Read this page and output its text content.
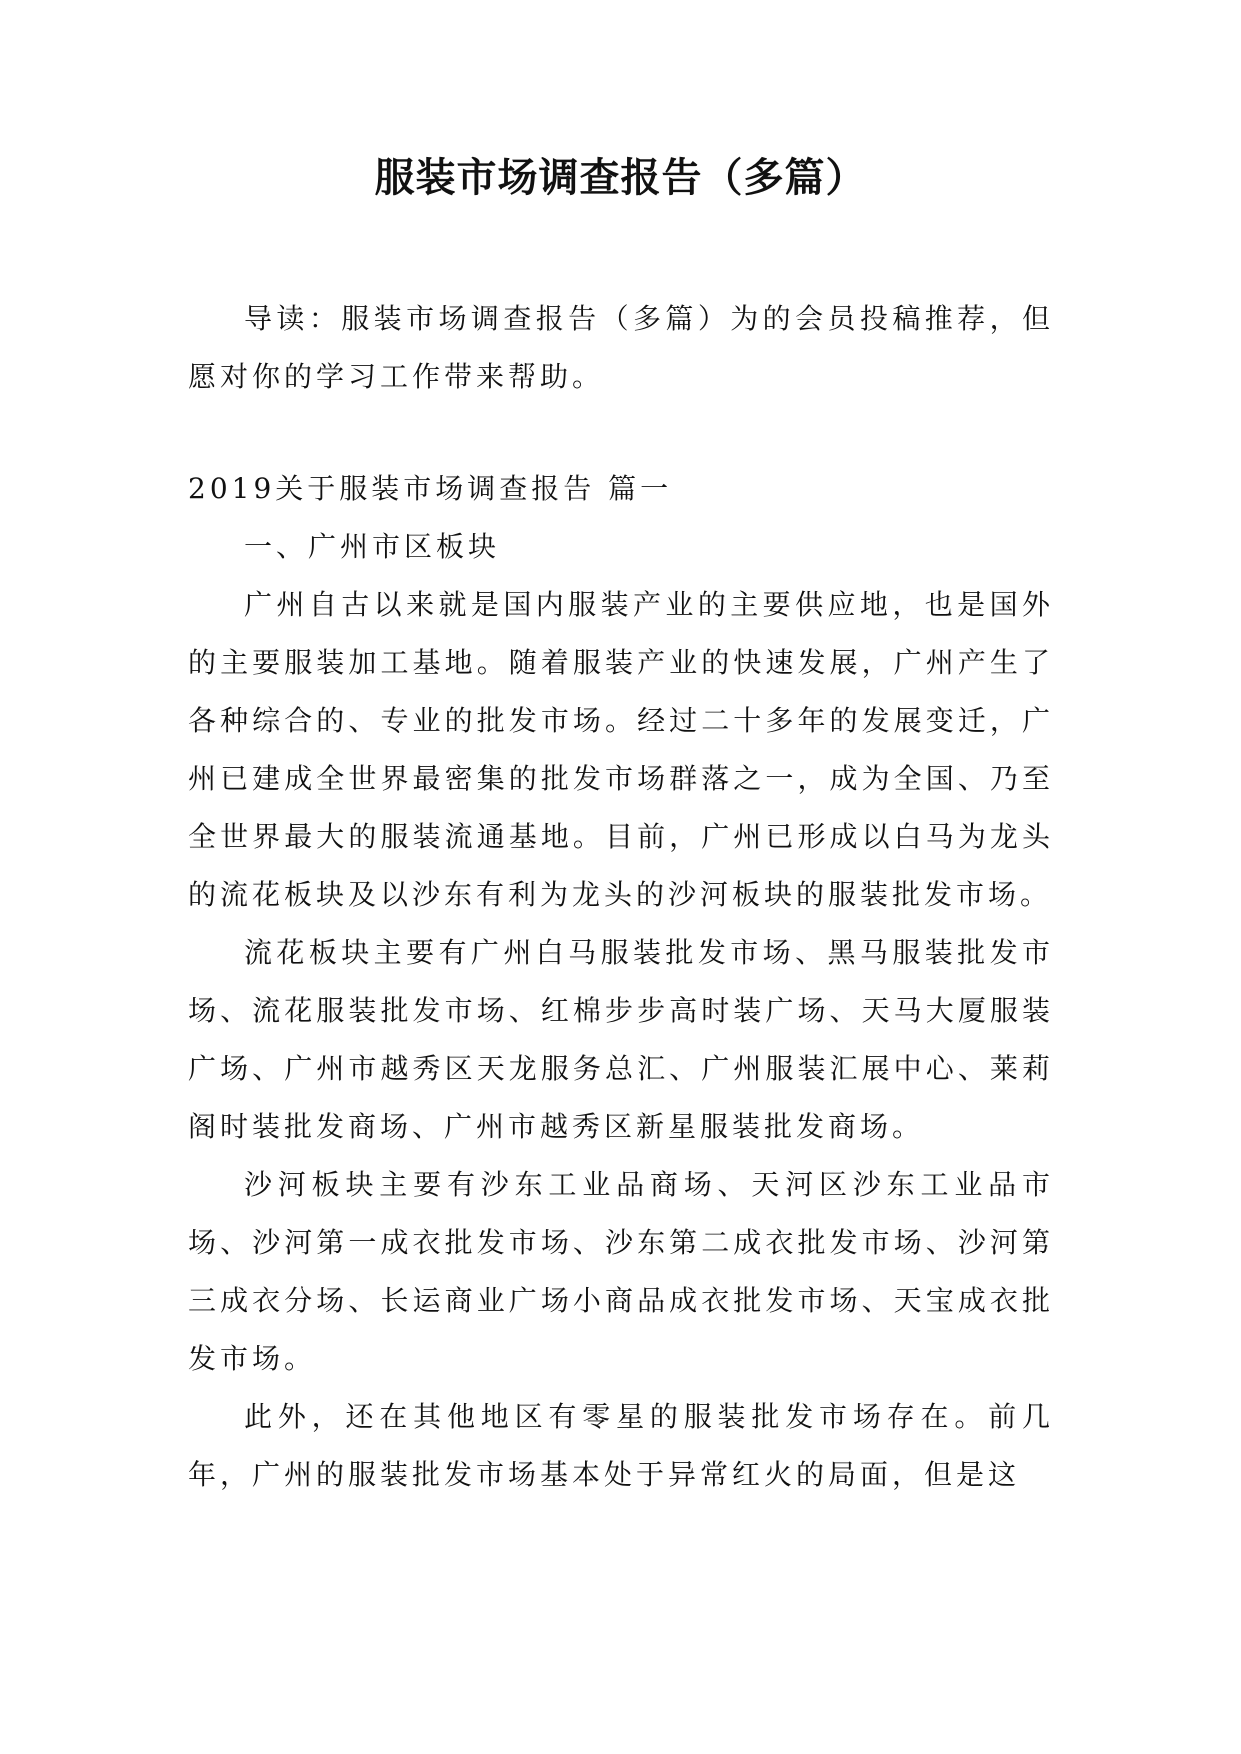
服装市场调查报告（多篇）

导读：服装市场调查报告（多篇）为的会员投稿推荐，但愿对你的学习工作带来帮助。

2019关于服装市场调查报告 篇一

一、广州市区板块

广州自古以来就是国内服装产业的主要供应地，也是国外的主要服装加工基地。随着服装产业的快速发展，广州产生了各种综合的、专业的批发市场。经过二十多年的发展变迁，广州已建成全世界最密集的批发市场群落之一，成为全国、乃至全世界最大的服装流通基地。目前，广州已形成以白马为龙头的流花板块及以沙东有利为龙头的沙河板块的服装批发市场。

流花板块主要有广州白马服装批发市场、黑马服装批发市场、流花服装批发市场、红棉步步高时装广场、天马大厦服装广场、广州市越秀区天龙服务总汇、广州服装汇展中心、莱莉阁时装批发商场、广州市越秀区新星服装批发商场。

沙河板块主要有沙东工业品商场、天河区沙东工业品市场、沙河第一成衣批发市场、沙东第二成衣批发市场、沙河第三成衣分场、长运商业广场小商品成衣批发市场、天宝成衣批发市场。

此外，还在其他地区有零星的服装批发市场存在。前几年，广州的服装批发市场基本处于异常红火的局面，但是这
